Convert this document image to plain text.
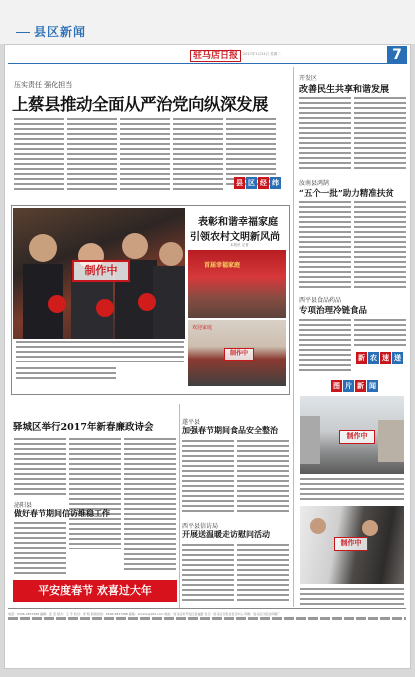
县区新闻
驻马店日报	2017年1月24日 星期二	7
压实责任 强化担当
上蔡县推动全面从严治党向纵深发展
制作中
表彰和谐幸福家庭
引领农村文明新风尚
本报讯 记者
首届幸福家庭
欢迎家庭
制作中
开发区
改善民生共享和谐发展
县 区 经 纬	汝南县鸿鹄
“五个一批”助力精准扶贫
西平县食品药品
专项治理冷链食品
新 农 速 递
驿城区举行2017年新春廉政诗会
泌阳县
做好春节期间信访维稳工作
平安度春节 欢喜过大年
遂平县
加强春节期间食品安全整治
西平县信访局
开展送温暖走访慰问活动
图 片 新 闻
制作中
制作中
电话：0396-2837288 编辑：张 宏 版式：王 芳 校对：李 明 新闻热线：0396-2837288 邮箱：zmdrb@163.com 地址：驻马店市开发区金雀路 发行：驻马店日报社发行中心 印刷：驻马店日报社印刷厂
